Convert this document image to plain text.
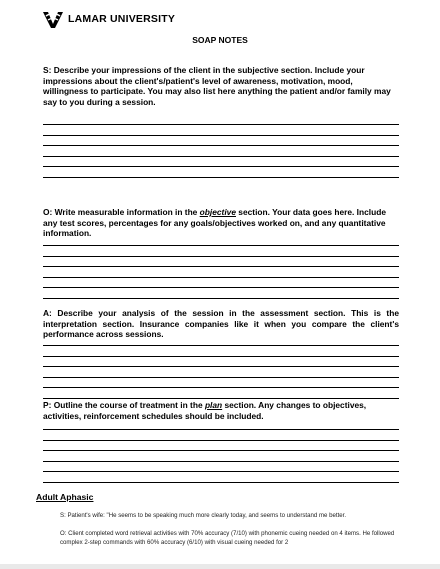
LAMAR UNIVERSITY
SOAP NOTES
S: Describe your impressions of the client in the subjective section. Include your impressions about the client's/patient's level of awareness, motivation, mood, willingness to participate. You may also list here anything the patient and/or family may say to you during a session.
O: Write measurable information in the objective section. Your data goes here. Include any test scores, percentages for any goals/objectives worked on, and any quantitative information.
A: Describe your analysis of the session in the assessment section. This is the interpretation section. Insurance companies like it when you compare the client's performance across sessions.
P: Outline the course of treatment in the plan section. Any changes to objectives, activities, reinforcement schedules should be included.
Adult Aphasic
S: Patient's wife: "He seems to be speaking much more clearly today, and seems to understand me better.
O: Client completed word retrieval activities with 70% accuracy (7/10) with phonemic cueing needed on 4 items. He followed complex 2-step commands with 60% accuracy (6/10) with visual cueing needed for 2
